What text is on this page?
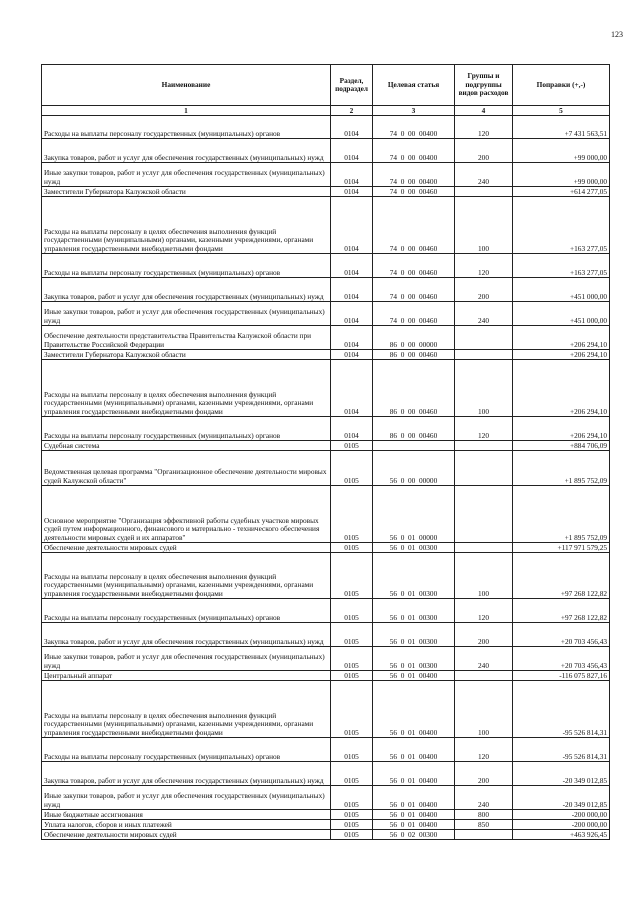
123
Наименование	Раздел, подраздел	Целевая статья	Группы и подгруппы видов расходов	Поправки (+,-)
1	2	3	4	5
Расходы на выплаты персоналу государственных (муниципальных) органов	0104	74  0  00  00400	120	+7 431 563,51
Закупка товаров, работ и услуг для обеспечения государственных (муниципальных) нужд	0104	74  0  00  00400	200	+99 000,00
Иные закупки товаров, работ и услуг для обеспечения государственных (муниципальных) нужд	0104	74  0  00  00400	240	+99 000,00
Заместители Губернатора Калужской области	0104	74  0  00  00460		+614 277,05
Расходы на выплаты персоналу в целях обеспечения выполнения функций государственными (муниципальными) органами, казенными учреждениями, органами управления государственными внебюджетными фондами	0104	74  0  00  00460	100	+163 277,05
Расходы на выплаты персоналу государственных (муниципальных) органов	0104	74  0  00  00460	120	+163 277,05
Закупка товаров, работ и услуг для обеспечения государственных (муниципальных) нужд	0104	74  0  00  00460	200	+451 000,00
Иные закупки товаров, работ и услуг для обеспечения государственных (муниципальных) нужд	0104	74  0  00  00460	240	+451 000,00
Обеспечение деятельности представительства Правительства Калужской области при Правительстве Российской Федерации	0104	86  0  00  00000		+206 294,10
Заместители Губернатора Калужской области	0104	86  0  00  00460		+206 294,10
Расходы на выплаты персоналу в целях обеспечения выполнения функций государственными (муниципальными) органами, казенными учреждениями, органами управления государственными внебюджетными фондами	0104	86  0  00  00460	100	+206 294,10
Расходы на выплаты персоналу государственных (муниципальных) органов	0104	86  0  00  00460	120	+206 294,10
Судебная система	0105			+884 706,09
Ведомственная целевая программа "Организационное обеспечение деятельности мировых судей Калужской области"	0105	56  0  00  00000		+1 895 752,09
Основное мероприятие "Организация эффективной работы судебных участков мировых судей путем информационного, финансового и материально - технического обеспечения деятельности мировых судей и их аппаратов"	0105	56  0  01  00000		+1 895 752,09
Обеспечение деятельности мировых судей	0105	56  0  01  00300		+117 971 579,25
Расходы на выплаты персоналу в целях обеспечения выполнения функций государственными (муниципальными) органами, казенными учреждениями, органами управления государственными внебюджетными фондами	0105	56  0  01  00300	100	+97 268 122,82
Расходы на выплаты персоналу государственных (муниципальных) органов	0105	56  0  01  00300	120	+97 268 122,82
Закупка товаров, работ и услуг для обеспечения государственных (муниципальных) нужд	0105	56  0  01  00300	200	+20 703 456,43
Иные закупки товаров, работ и услуг для обеспечения государственных (муниципальных) нужд	0105	56  0  01  00300	240	+20 703 456,43
Центральный аппарат	0105	56  0  01  00400		-116 075 827,16
Расходы на выплаты персоналу в целях обеспечения выполнения функций государственными (муниципальными) органами, казенными учреждениями, органами управления государственными внебюджетными фондами	0105	56  0  01  00400	100	-95 526 814,31
Расходы на выплаты персоналу государственных (муниципальных) органов	0105	56  0  01  00400	120	-95 526 814,31
Закупка товаров, работ и услуг для обеспечения государственных (муниципальных) нужд	0105	56  0  01  00400	200	-20 349 012,85
Иные закупки товаров, работ и услуг для обеспечения государственных (муниципальных) нужд	0105	56  0  01  00400	240	-20 349 012,85
Иные бюджетные ассигнования	0105	56  0  01  00400	800	-200 000,00
Уплата налогов, сборов и иных платежей	0105	56  0  01  00400	850	-200 000,00
Обеспечение деятельности мировых судей	0105	56  0  02  00300		+463 926,45
